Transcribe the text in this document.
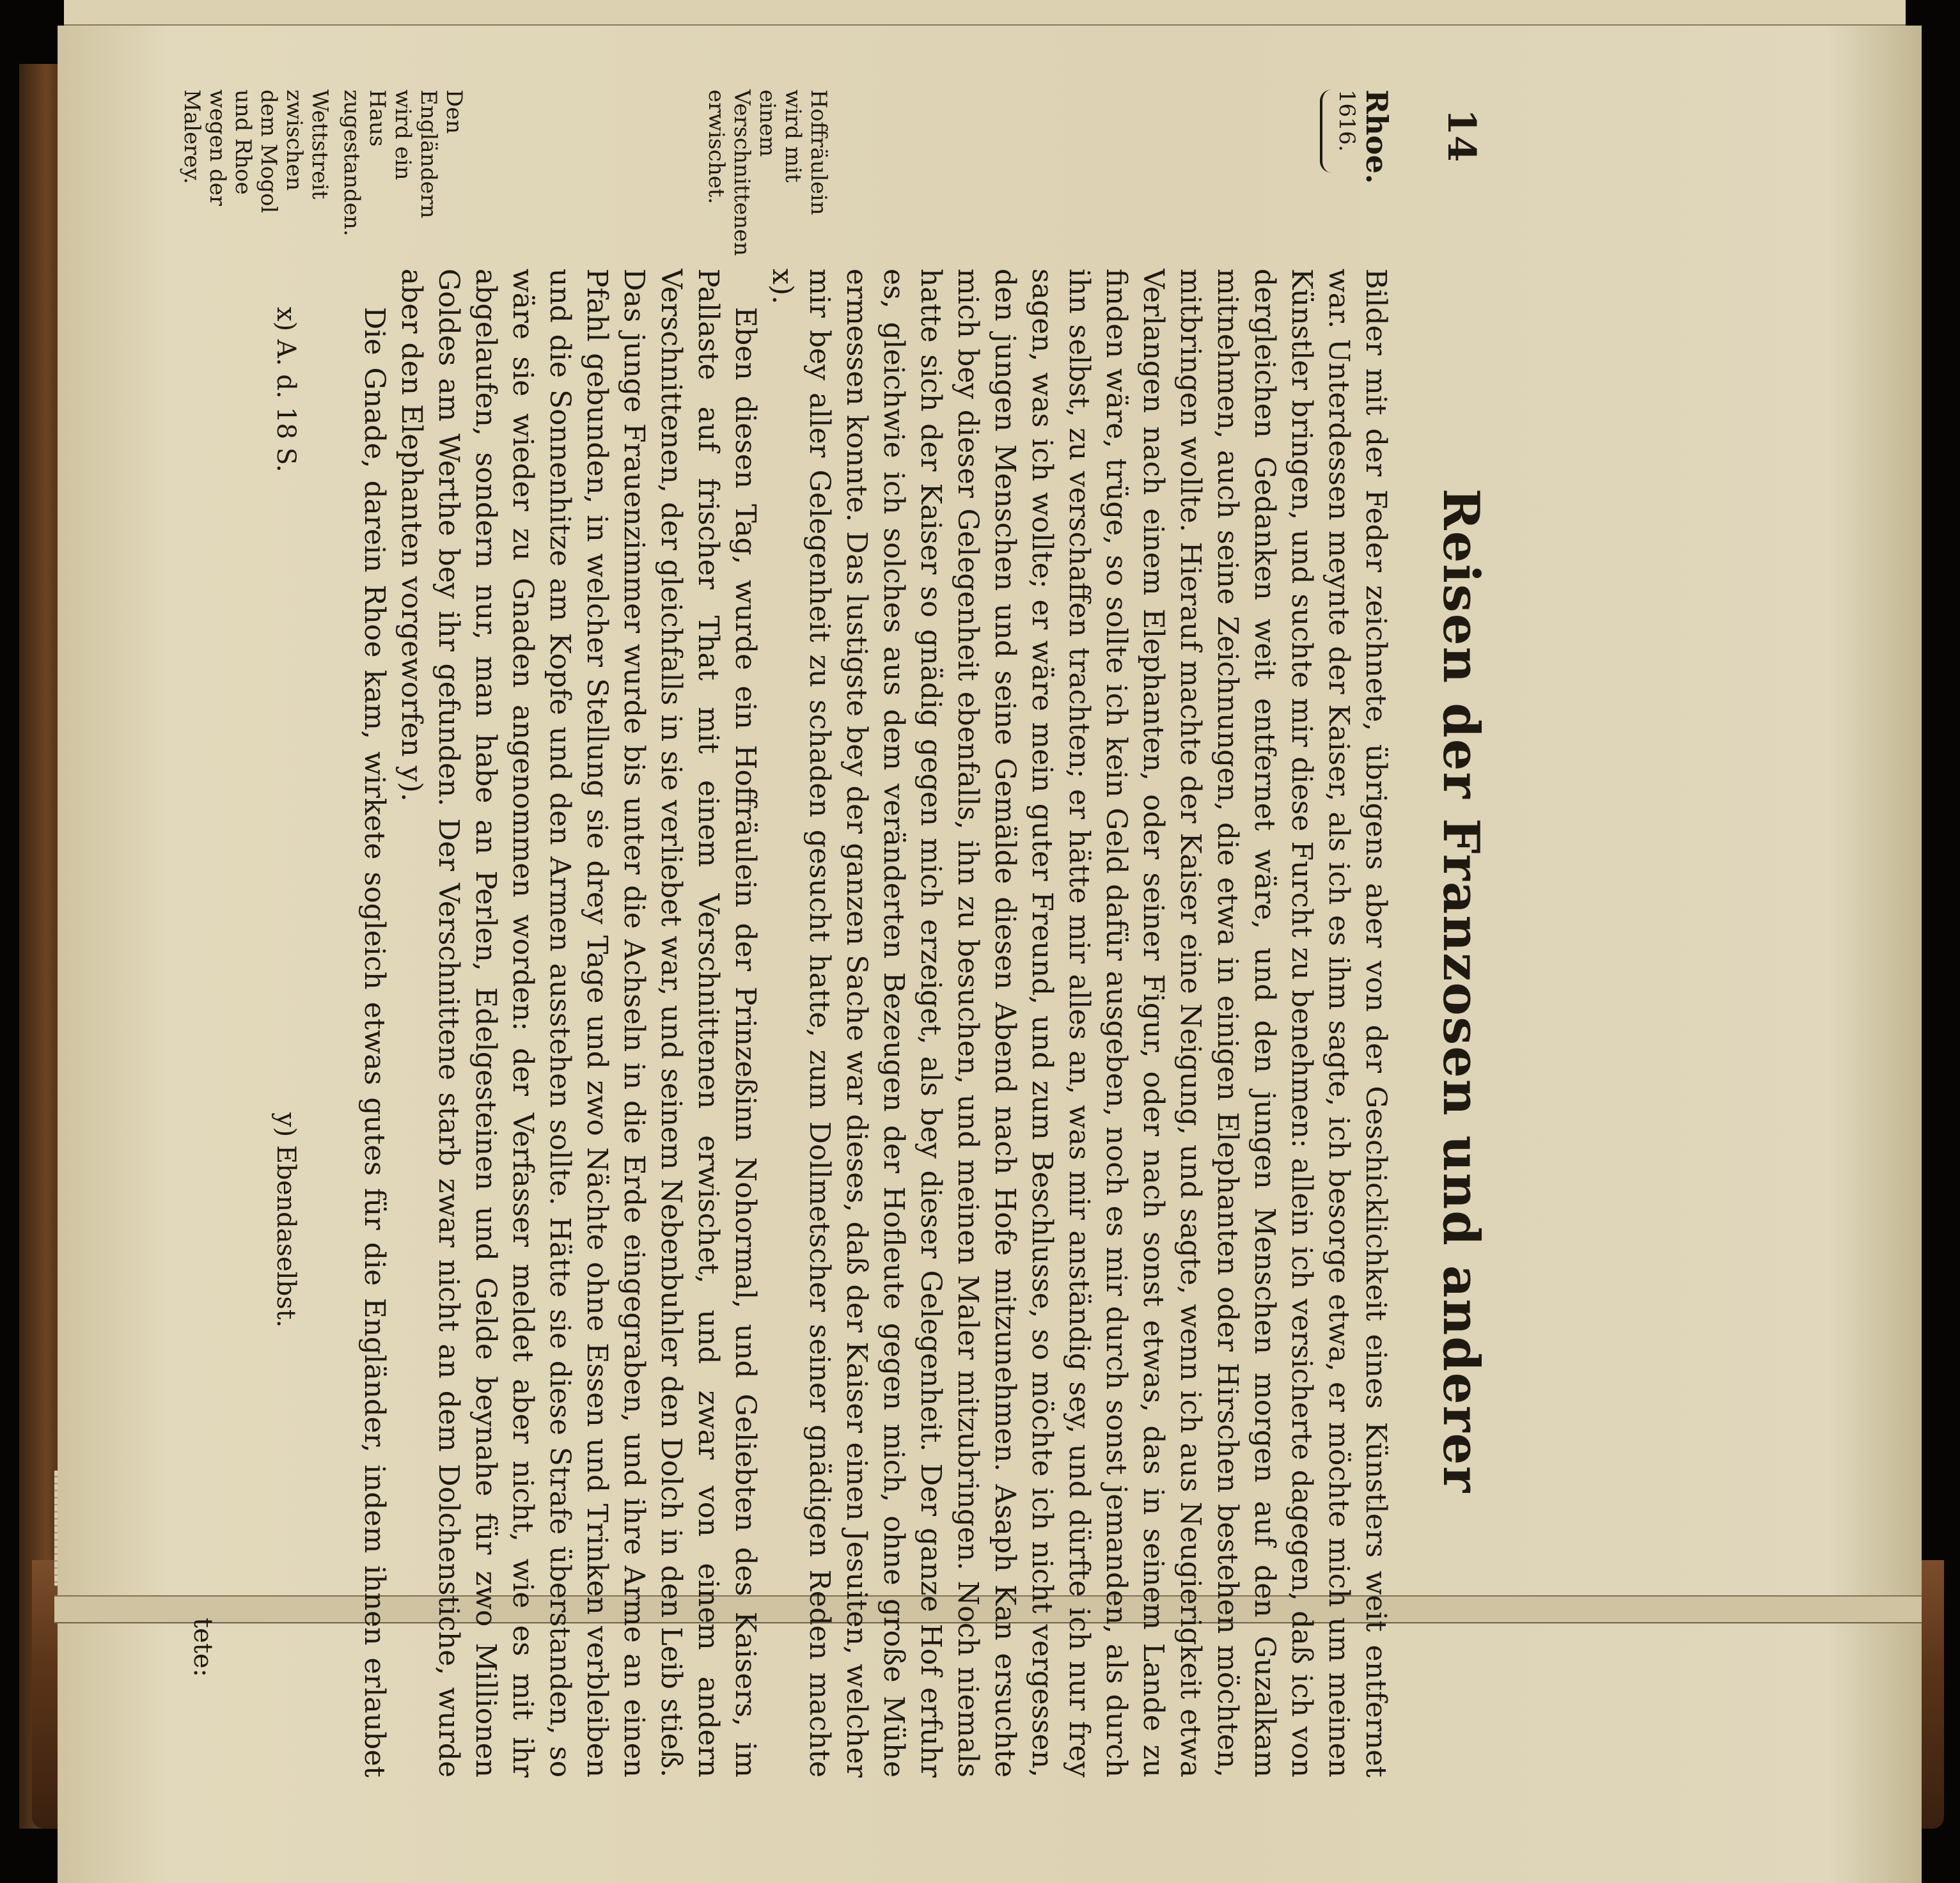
14
Reisen der Franzosen und anderer
Rhoe.
1616.
Hoffräulein wird mit einem Verschnittenen erwischet.
Den Engländern wird ein Haus zugestanden.
Wettstreit zwischen dem Mogol und Rhoe wegen der Malerey.

Bilder mit der Feder zeichnete, übrigens aber von der Geschicklichkeit eines Künstlers weit entfernet war. Unterdessen meynte der Kaiser, als ich es ihm sagte, ich besorge etwa, er möchte mich um meinen Künstler bringen, und suchte mir diese Furcht zu benehmen: allein ich versicherte dagegen, daß ich von dergleichen Gedanken weit entfernet wäre, und den jungen Menschen morgen auf den Guzalkam mitnehmen, auch seine Zeichnungen, die etwa in einigen Elephanten oder Hirschen bestehen möchten, mitbringen wollte. Hierauf machte der Kaiser eine Neigung, und sagte, wenn ich aus Neugierigkeit etwa Verlangen nach einem Elephanten, oder seiner Figur, oder nach sonst etwas, das in seinem Lande zu finden wäre, trüge, so sollte ich kein Geld dafür ausgeben, noch es mir durch sonst jemanden, als durch ihn selbst, zu verschaffen trachten; er hätte mir alles an, was mir anständig sey, und dürfte ich nur frey sagen, was ich wollte; er wäre mein guter Freund, und zum Beschlusse, so möchte ich nicht vergessen, den jungen Menschen und seine Gemälde diesen Abend nach Hofe mitzunehmen. Asaph Kan ersuchte mich bey dieser Gelegenheit ebenfalls, ihn zu besuchen, und meinen Maler mitzubringen. Noch niemals hatte sich der Kaiser so gnädig gegen mich erzeiget, als bey dieser Gelegenheit. Der ganze Hof erfuhr es, gleichwie ich solches aus dem veränderten Bezeugen der Hofleute gegen mich, ohne große Mühe ermessen konnte. Das lustigste bey der ganzen Sache war dieses, daß der Kaiser einen Jesuiten, welcher mir bey aller Gelegenheit zu schaden gesucht hatte, zum Dollmetscher seiner gnädigen Reden machte x).

Eben diesen Tag, wurde ein Hoffräulein der Prinzeßinn Nohormal, und Geliebten des Kaisers, im Pallaste auf frischer That mit einem Verschnittenen erwischet, und zwar von einem andern Verschnittenen, der gleichfalls in sie verliebet war, und seinem Nebenbuhler den Dolch in den Leib stieß. Das junge Frauenzimmer wurde bis unter die Achseln in die Erde eingegraben, und ihre Arme an einen Pfahl gebunden, in welcher Stellung sie drey Tage und zwo Nächte ohne Essen und Trinken verbleiben und die Sonnenhitze am Kopfe und den Armen ausstehen sollte. Hätte sie diese Strafe überstanden, so wäre sie wieder zu Gnaden angenommen worden: der Verfasser meldet aber nicht, wie es mit ihr abgelaufen, sondern nur, man habe an Perlen, Edelgesteinen und Gelde beynahe für zwo Millionen Goldes am Werthe bey ihr gefunden. Der Verschnittene starb zwar nicht an dem Dolchenstiche, wurde aber den Elephanten vorgeworfen y).

Die Gnade, darein Rhoe kam, wirkete sogleich etwas gutes für die Engländer, indem ihnen erlaubet

x) A. d. 18 S.
y) Ebendaselbst.
tete:
